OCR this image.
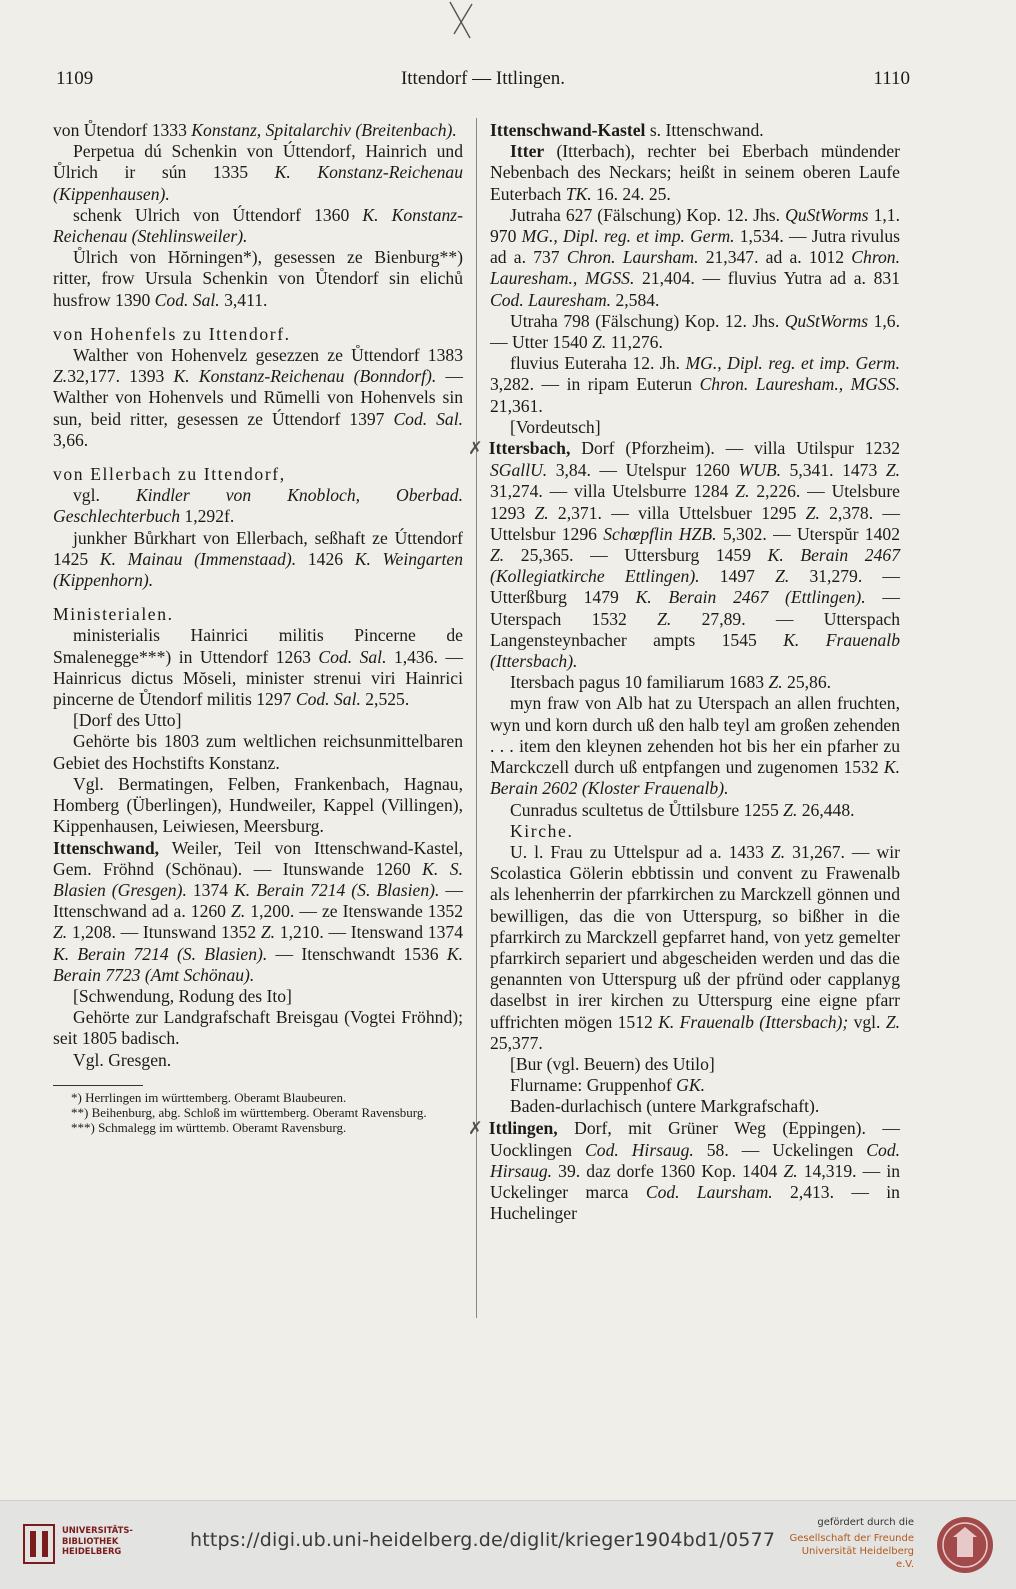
1109	Ittendorf — Ittlingen.	1110

von Ůtendorf 1333 Konstanz, Spitalarchiv (Breitenbach).

Perpetua dú Schenkin von Úttendorf, Hainrich und Ůlrich ir sún 1335 K. Konstanz-Reichenau (Kippenhausen).

schenk Ulrich von Úttendorf 1360 K. Konstanz-Reichenau (Stehlinsweiler).

Ůlrich von Hŏrningen*), gesessen ze Bienburg**) ritter, frow Ursula Schenkin von Ůtendorf sin elichů husfrow 1390 Cod. Sal. 3,411.

von Hohenfels zu Ittendorf.

Walther von Hohenvelz gesezzen ze Ůttendorf 1383 Z.32,177. 1393 K. Konstanz-Reichenau (Bonndorf). — Walther von Hohenvels und Rŭmelli von Hohenvels sin sun, beid ritter, gesessen ze Úttendorf 1397 Cod. Sal. 3,66.

von Ellerbach zu Ittendorf,

vgl. Kindler von Knobloch, Oberbad. Geschlechterbuch 1,292f.

junkher Bůrkhart von Ellerbach, seßhaft ze Úttendorf 1425 K. Mainau (Immenstaad). 1426 K. Weingarten (Kippenhorn).

Ministerialen.

ministerialis Hainrici militis Pincerne de Smalenegge***) in Uttendorf 1263 Cod. Sal. 1,436. — Hainricus dictus Mŏseli, minister strenui viri Hainrici pincerne de Ůtendorf militis 1297 Cod. Sal. 2,525.

[Dorf des Utto]

Gehörte bis 1803 zum weltlichen reichsunmittelbaren Gebiet des Hochstifts Konstanz.

Vgl. Bermatingen, Felben, Frankenbach, Hagnau, Homberg (Überlingen), Hundweiler, Kappel (Villingen), Kippenhausen, Leiwiesen, Meersburg.

Ittenschwand, Weiler, Teil von Ittenschwand-Kastel, Gem. Fröhnd (Schönau). — Itunswande 1260 K. S. Blasien (Gresgen). 1374 K. Berain 7214 (S. Blasien). — Ittenschwand ad a. 1260 Z. 1,200. — ze Itenswande 1352 Z. 1,208. — Itunswand 1352 Z. 1,210. — Itenswand 1374 K. Berain 7214 (S. Blasien). — Itenschwandt 1536 K. Berain 7723 (Amt Schönau).

[Schwendung, Rodung des Ito]

Gehörte zur Landgrafschaft Breisgau (Vogtei Fröhnd); seit 1805 badisch.

Vgl. Gresgen.

*) Herrlingen im württemberg. Oberamt Blaubeuren.

**) Beihenburg, abg. Schloß im württemberg. Oberamt Ravensburg.

***) Schmalegg im württemb. Oberamt Ravensburg.

Ittenschwand-Kastel s. Ittenschwand.

Itter (Itterbach), rechter bei Eberbach mündender Nebenbach des Neckars; heißt in seinem oberen Laufe Euterbach TK. 16. 24. 25.

Jutraha 627 (Fälschung) Kop. 12. Jhs. QuStWorms 1,1. 970 MG., Dipl. reg. et imp. Germ. 1,534. — Jutra rivulus ad a. 737 Chron. Laursham. 21,347. ad a. 1012 Chron. Lauresham., MGSS. 21,404. — fluvius Yutra ad a. 831 Cod. Lauresham. 2,584.

Utraha 798 (Fälschung) Kop. 12. Jhs. QuStWorms 1,6. — Utter 1540 Z. 11,276.

fluvius Euteraha 12. Jh. MG., Dipl. reg. et imp. Germ. 3,282. — in ripam Euterun Chron. Lauresham., MGSS. 21,361.

[Vordeutsch]

✗ Ittersbach, Dorf (Pforzheim). — villa Utilspur 1232 SGallU. 3,84. — Utelspur 1260 WUB. 5,341. 1473 Z. 31,274. — villa Utelsburre 1284 Z. 2,226. — Utelsbure 1293 Z. 2,371. — villa Uttelsbuer 1295 Z. 2,378. — Uttelsbur 1296 Schœpflin HZB. 5,302. — Uterspŭr 1402 Z. 25,365. — Uttersburg 1459 K. Berain 2467 (Kollegiatkirche Ettlingen). 1497 Z. 31,279. — Utterßburg 1479 K. Berain 2467 (Ettlingen). — Uterspach 1532 Z. 27,89. — Utterspach Langensteynbacher ampts 1545 K. Frauenalb (Ittersbach).

Itersbach pagus 10 familiarum 1683 Z. 25,86.

myn fraw von Alb hat zu Uterspach an allen fruchten, wyn und korn durch uß den halb teyl am großen zehenden . . . item den kleynen zehenden hot bis her ein pfarher zu Marckczell durch uß entpfangen und zugenomen 1532 K. Berain 2602 (Kloster Frauenalb).

Cunradus scultetus de Ůttilsbure 1255 Z. 26,448.

Kirche.

U. l. Frau zu Uttelspur ad a. 1433 Z. 31,267. — wir Scolastica Gölerin ebbtissin und convent zu Frawenalb als lehenherrin der pfarrkirchen zu Marckzell gönnen und bewilligen, das die von Utterspurg, so bißher in die pfarrkirch zu Marckzell gepfarret hand, von yetz gemelter pfarrkirch separiert und abgescheiden werden und das die genannten von Utterspurg uß der pfründ oder capplanyg daselbst in irer kirchen zu Utterspurg eine eigne pfarr uffrichten mögen 1512 K. Frauenalb (Ittersbach); vgl. Z. 25,377.

[Bur (vgl. Beuern) des Utilo]

Flurname: Gruppenhof GK.

Baden-durlachisch (untere Markgrafschaft).

✗ Ittlingen, Dorf, mit Grüner Weg (Eppingen). — Uocklingen Cod. Hirsaug. 58. — Uckelingen Cod. Hirsaug. 39. daz dorfe 1360 Kop. 1404 Z. 14,319. — in Uckelinger marca Cod. Laursham. 2,413. — in Huchelinger

UNIVERSITÄTS-
BIBLIOTHEK
HEIDELBERG	https://digi.ub.uni-heidelberg.de/diglit/krieger1904bd1/0577
gefördert durch die
Gesellschaft der Freunde
Universität Heidelberg e.V.
